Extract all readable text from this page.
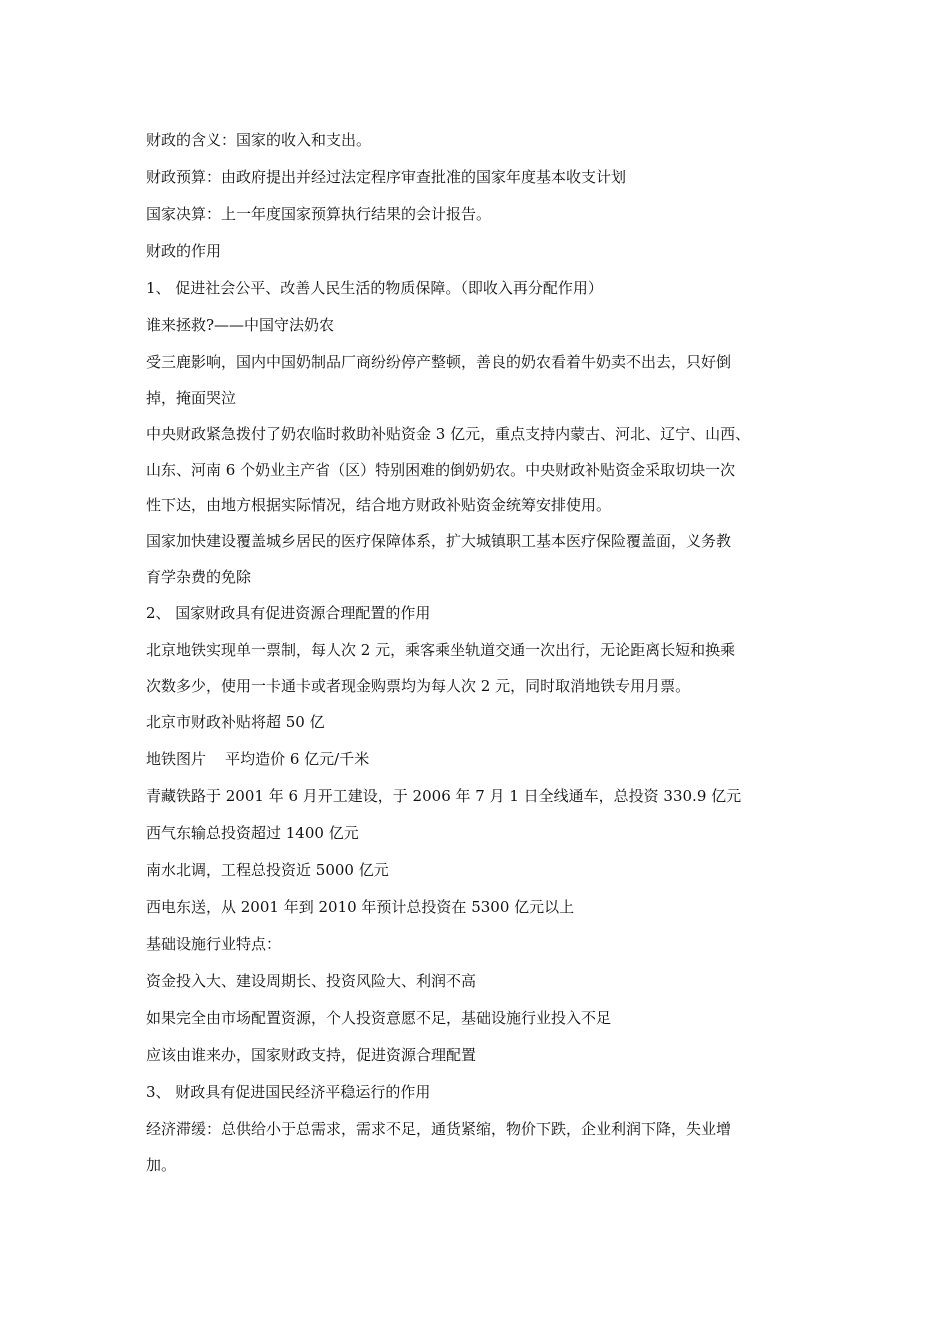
财政的含义：国家的收入和支出。
财政预算：由政府提出并经过法定程序审查批准的国家年度基本收支计划
国家决算：上一年度国家预算执行结果的会计报告。
财政的作用
1、 促进社会公平、改善人民生活的物质保障。（即收入再分配作用）
谁来拯救?——中国守法奶农
受三鹿影响，国内中国奶制品厂商纷纷停产整顿，善良的奶农看着牛奶卖不出去，只好倒
掉，掩面哭泣
中央财政紧急拨付了奶农临时救助补贴资金 3 亿元，重点支持内蒙古、河北、辽宁、山西、
山东、河南 6 个奶业主产省（区）特别困难的倒奶奶农。中央财政补贴资金采取切块一次
性下达，由地方根据实际情况，结合地方财政补贴资金统筹安排使用。
国家加快建设覆盖城乡居民的医疗保障体系，扩大城镇职工基本医疗保险覆盖面，义务教
育学杂费的免除
2、 国家财政具有促进资源合理配置的作用
北京地铁实现单一票制，每人次 2 元，乘客乘坐轨道交通一次出行，无论距离长短和换乘
次数多少，使用一卡通卡或者现金购票均为每人次 2 元，同时取消地铁专用月票。
北京市财政补贴将超 50 亿
地铁图片    平均造价 6 亿元/千米
青藏铁路于 2001 年 6 月开工建设，于 2006 年 7 月 1 日全线通车，总投资 330.9 亿元
西气东输总投资超过 1400 亿元
南水北调，工程总投资近 5000 亿元
西电东送，从 2001 年到 2010 年预计总投资在 5300 亿元以上
基础设施行业特点：
资金投入大、建设周期长、投资风险大、利润不高
如果完全由市场配置资源，个人投资意愿不足，基础设施行业投入不足
应该由谁来办，国家财政支持，促进资源合理配置
3、 财政具有促进国民经济平稳运行的作用
经济滞缓：总供给小于总需求，需求不足，通货紧缩，物价下跌，企业利润下降，失业增
加。
